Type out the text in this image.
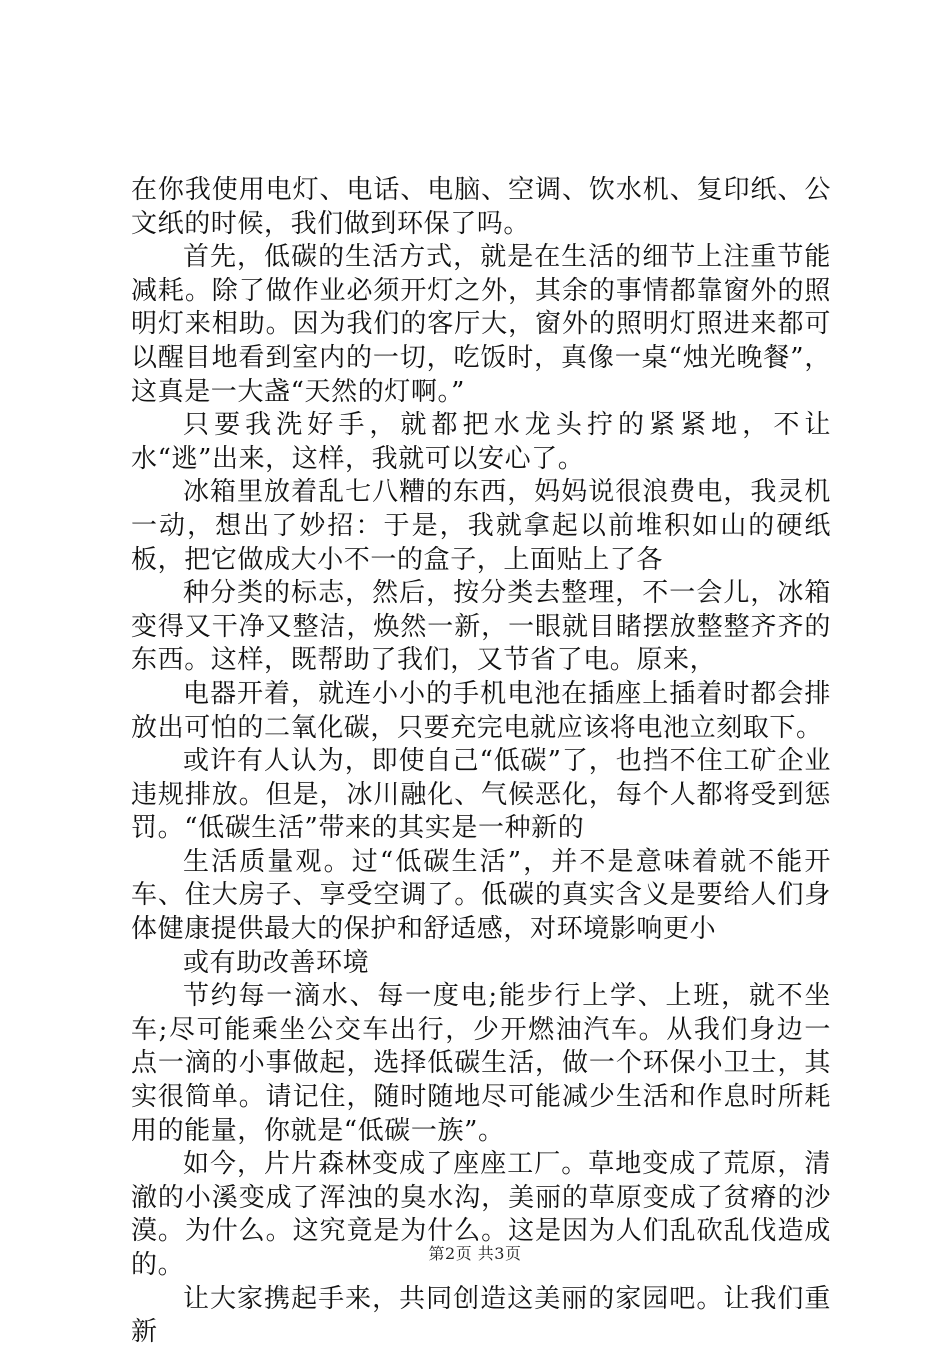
在你我使用电灯、电话、电脑、空调、饮水机、复印纸、公文纸的时候，我们做到环保了吗。

首先，低碳的生活方式，就是在生活的细节上注重节能减耗。除了做作业必须开灯之外，其余的事情都靠窗外的照明灯来相助。因为我们的客厅大，窗外的照明灯照进来都可以醒目地看到室内的一切，吃饭时，真像一桌“烛光晚餐”，这真是一大盏“天然的灯啊。”

只要我洗好手，就都把水龙头拧的紧紧地，不让水“逃”出来，这样，我就可以安心了。

冰箱里放着乱七八糟的东西，妈妈说很浪费电，我灵机一动，想出了妙招：于是，我就拿起以前堆积如山的硬纸板，把它做成大小不一的盒子，上面贴上了各

种分类的标志，然后，按分类去整理，不一会儿，冰箱变得又干净又整洁，焕然一新，一眼就目睹摆放整整齐齐的东西。这样，既帮助了我们，又节省了电。原来，

电器开着，就连小小的手机电池在插座上插着时都会排放出可怕的二氧化碳，只要充完电就应该将电池立刻取下。

或许有人认为，即使自己“低碳”了，也挡不住工矿企业违规排放。但是，冰川融化、气候恶化，每个人都将受到惩罚。“低碳生活”带来的其实是一种新的

生活质量观。过“低碳生活”，并不是意味着就不能开车、住大房子、享受空调了。低碳的真实含义是要给人们身体健康提供最大的保护和舒适感，对环境影响更小

或有助改善环境

节约每一滴水、每一度电;能步行上学、上班，就不坐车;尽可能乘坐公交车出行，少开燃油汽车。从我们身边一点一滴的小事做起，选择低碳生活，做一个环保小卫士，其实很简单。请记住，随时随地尽可能减少生活和作息时所耗用的能量，你就是“低碳一族”。

如今，片片森林变成了座座工厂。草地变成了荒原，清澈的小溪变成了浑浊的臭水沟，美丽的草原变成了贫瘠的沙漠。为什么。这究竟是为什么。这是因为人们乱砍乱伐造成的。

让大家携起手来，共同创造这美丽的家园吧。让我们重新

第2页 共3页
